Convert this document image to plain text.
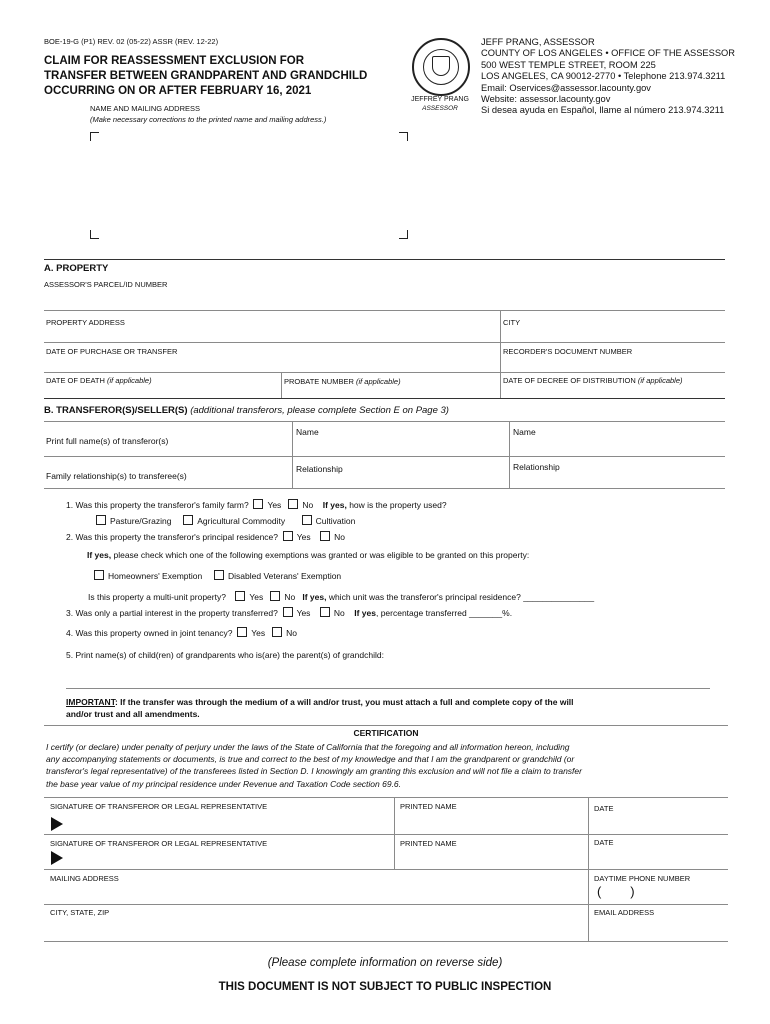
BOE-19-G (P1) REV. 02 (05-22) ASSR (REV. 12-22)
CLAIM FOR REASSESSMENT EXCLUSION FOR
TRANSFER BETWEEN GRANDPARENT AND GRANDCHILD
OCCURRING ON OR AFTER FEBRUARY 16, 2021
NAME AND MAILING ADDRESS
(Make necessary corrections to the printed name and mailing address.)
JEFFREY PRANG
ASSESSOR
JEFF PRANG, ASSESSOR
COUNTY OF LOS ANGELES • OFFICE OF THE ASSESSOR
500 WEST TEMPLE STREET, ROOM 225
LOS ANGELES, CA 90012-2770 • Telephone 213.974.3211
Email: Oservices@assessor.lacounty.gov
Website: assessor.lacounty.gov
Si desea ayuda en Español, llame al número 213.974.3211
A. PROPERTY
ASSESSOR'S PARCEL/ID NUMBER
PROPERTY ADDRESS	CITY
DATE OF PURCHASE OR TRANSFER	RECORDER'S DOCUMENT NUMBER
DATE OF DEATH (if applicable)	PROBATE NUMBER (if applicable)	DATE OF DECREE OF DISTRIBUTION (if applicable)
B. TRANSFEROR(S)/SELLER(S) (additional transferors, please complete Section E on Page 3)
Print full name(s) of transferor(s)
Name	Name
Family relationship(s) to transferee(s)
Relationship	Relationship
1. Was this property the transferor's family farm? Yes No If yes, how is the property used?
Pasture/Grazing	Agricultural Commodity	Cultivation
2. Was this property the transferor's principal residence? Yes	No
If yes, please check which one of the following exemptions was granted or was eligible to be granted on this property:
Homeowners' Exemption	Disabled Veterans' Exemption
Is this property a multi-unit property?	Yes No If yes, which unit was the transferor's principal residence? _______________
3. Was only a partial interest in the property transferred? Yes	No If yes, percentage transferred _______%.
4. Was this property owned in joint tenancy? Yes No
5. Print name(s) of child(ren) of grandparents who is(are) the parent(s) of grandchild:
IMPORTANT: If the transfer was through the medium of a will and/or trust, you must attach a full and complete copy of the will
and/or trust and all amendments.
CERTIFICATION
I certify (or declare) under penalty of perjury under the laws of the State of California that the foregoing and all information hereon, including
any accompanying statements or documents, is true and correct to the best of my knowledge and that I am the grandparent or grandchild (or
transferor's legal representative) of the transferees listed in Section D. I knowingly am granting this exclusion and will not file a claim to transfer
the base year value of my principal residence under Revenue and Taxation Code section 69.6.
SIGNATURE OF TRANSFEROR OR LEGAL REPRESENTATIVE	PRINTED NAME	DATE
SIGNATURE OF TRANSFEROR OR LEGAL REPRESENTATIVE	PRINTED NAME	DATE
MAILING ADDRESS	DAYTIME PHONE NUMBER
(        )
CITY, STATE, ZIP	EMAIL ADDRESS
(Please complete information on reverse side)
THIS DOCUMENT IS NOT SUBJECT TO PUBLIC INSPECTION
